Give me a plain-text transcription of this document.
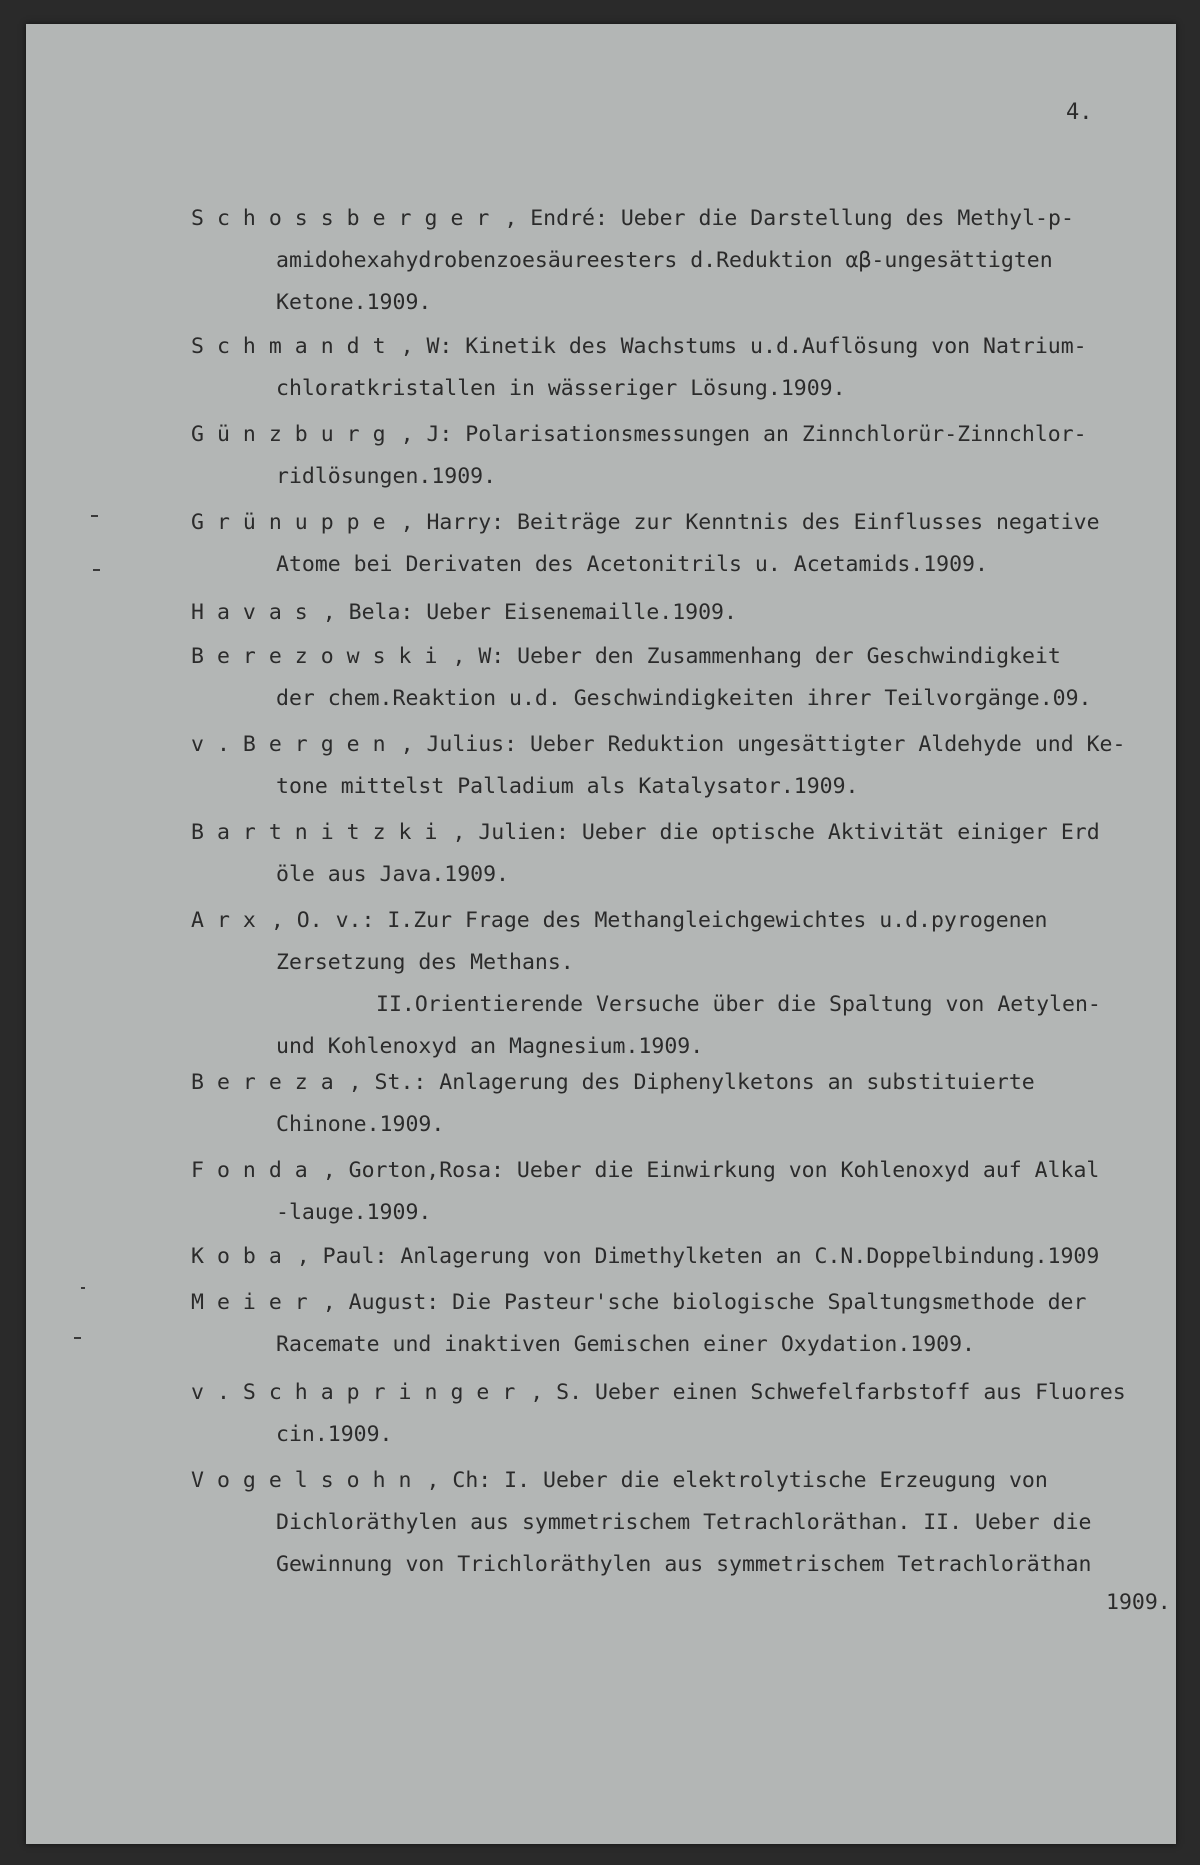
4.
Schossberger , Endré: Ueber die Darstellung des Methyl-p-
amidohexahydrobenzoesäureesters d.Reduktion αβ-ungesättigten
Ketone.1909.
Schmandt , W: Kinetik des Wachstums u.d.Auflösung von Natrium-
chloratkristallen in wässeriger Lösung.1909.
Günzburg , J: Polarisationsmessungen an Zinnchlorür-Zinnchlor-
ridlösungen.1909.
Grünuppe , Harry: Beiträge zur Kenntnis des Einflusses negative
Atome bei Derivaten des Acetonitrils u. Acetamids.1909.
Havas , Bela: Ueber Eisenemaille.1909.
Berezowski , W: Ueber den Zusammenhang der Geschwindigkeit
der chem.Reaktion u.d. Geschwindigkeiten ihrer Teilvorgänge.09.
v.Bergen , Julius: Ueber Reduktion ungesättigter Aldehyde und Ke-
tone mittelst Palladium als Katalysator.1909.
Bartnitzki , Julien: Ueber die optische Aktivität einiger Erd
öle aus Java.1909.
Arx , O. v.: I.Zur Frage des Methangleichgewichtes u.d.pyrogenen
Zersetzung des Methans.
II.Orientierende Versuche über die Spaltung von Aetylen-
und Kohlenoxyd an Magnesium.1909.
Bereza , St.: Anlagerung des Diphenylketons an substituierte
Chinone.1909.
Fonda , Gorton,Rosa: Ueber die Einwirkung von Kohlenoxyd auf Alkal
-lauge.1909.
Koba , Paul: Anlagerung von Dimethylketen an C.N.Doppelbindung.1909
Meier , August: Die Pasteur'sche biologische Spaltungsmethode der
Racemate und inaktiven Gemischen einer Oxydation.1909.
v.Schapringer , S. Ueber einen Schwefelfarbstoff aus Fluores
cin.1909.
Vogelsohn , Ch: I. Ueber die elektrolytische Erzeugung von
Dichloräthylen aus symmetrischem Tetrachloräthan. II. Ueber die
Gewinnung von Trichloräthylen aus symmetrischem Tetrachloräthan
1909.
